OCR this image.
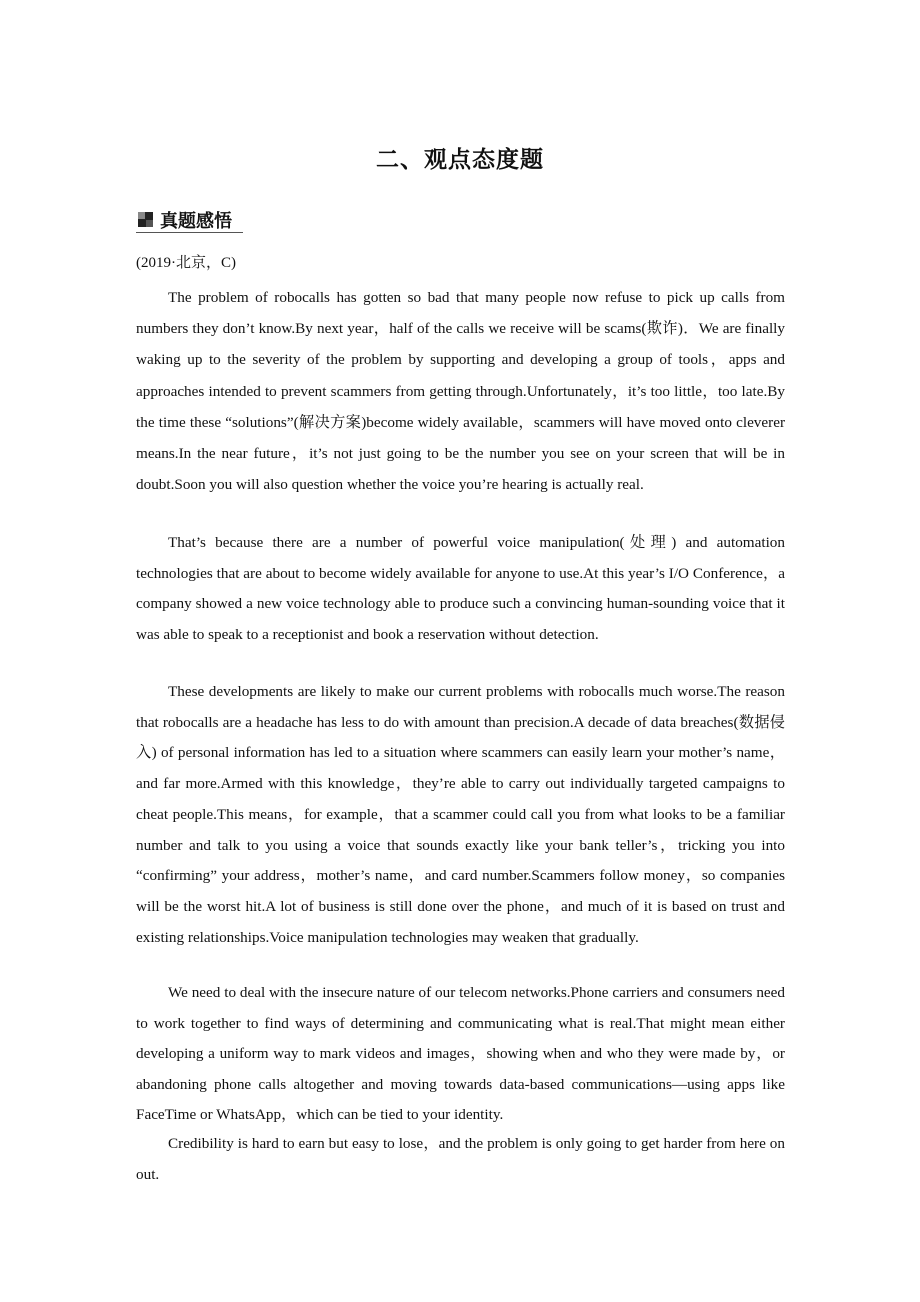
二、观点态度题
真题感悟
(2019·北京，C)

The problem of robocalls has gotten so bad that many people now refuse to pick up calls from numbers they don’t know.By next year，half of the calls we receive will be scams(欺诈)．We are finally waking up to the severity of the problem by supporting and developing a group of tools，apps and approaches intended to prevent scammers from getting through.Unfortunately，it’s too little，too late.By the time these “solutions”(解决方案)become widely available，scammers will have moved onto cleverer means.In the near future，it’s not just going to be the number you see on your screen that will be in doubt.Soon you will also question whether the voice you’re hearing is actually real.

That’s because there are a number of powerful voice manipulation(处理) and automation technologies that are about to become widely available for anyone to use.At this year’s I/O Conference，a company showed a new voice technology able to produce such a convincing human-sounding voice that it was able to speak to a receptionist and book a reservation without detection.

These developments are likely to make our current problems with robocalls much worse.The reason that robocalls are a headache has less to do with amount than precision.A decade of data breaches(数据侵入) of personal information has led to a situation where scammers can easily learn your mother’s name，and far more.Armed with this knowledge，they’re able to carry out individually targeted campaigns to cheat people.This means，for example，that a scammer could call you from what looks to be a familiar number and talk to you using a voice that sounds exactly like your bank teller’s，tricking you into “confirming” your address，mother’s name，and card number.Scammers follow money，so companies will be the worst hit.A lot of business is still done over the phone，and much of it is based on trust and existing relationships.Voice manipulation technologies may weaken that gradually.

We need to deal with the insecure nature of our telecom networks.Phone carriers and consumers need to work together to find ways of determining and communicating what is real.That might mean either developing a uniform way to mark videos and images，showing when and who they were made by，or abandoning phone calls altogether and moving towards data-based communications—using apps like FaceTime or WhatsApp，which can be tied to your identity.

Credibility is hard to earn but easy to lose，and the problem is only going to get harder from here on out.
